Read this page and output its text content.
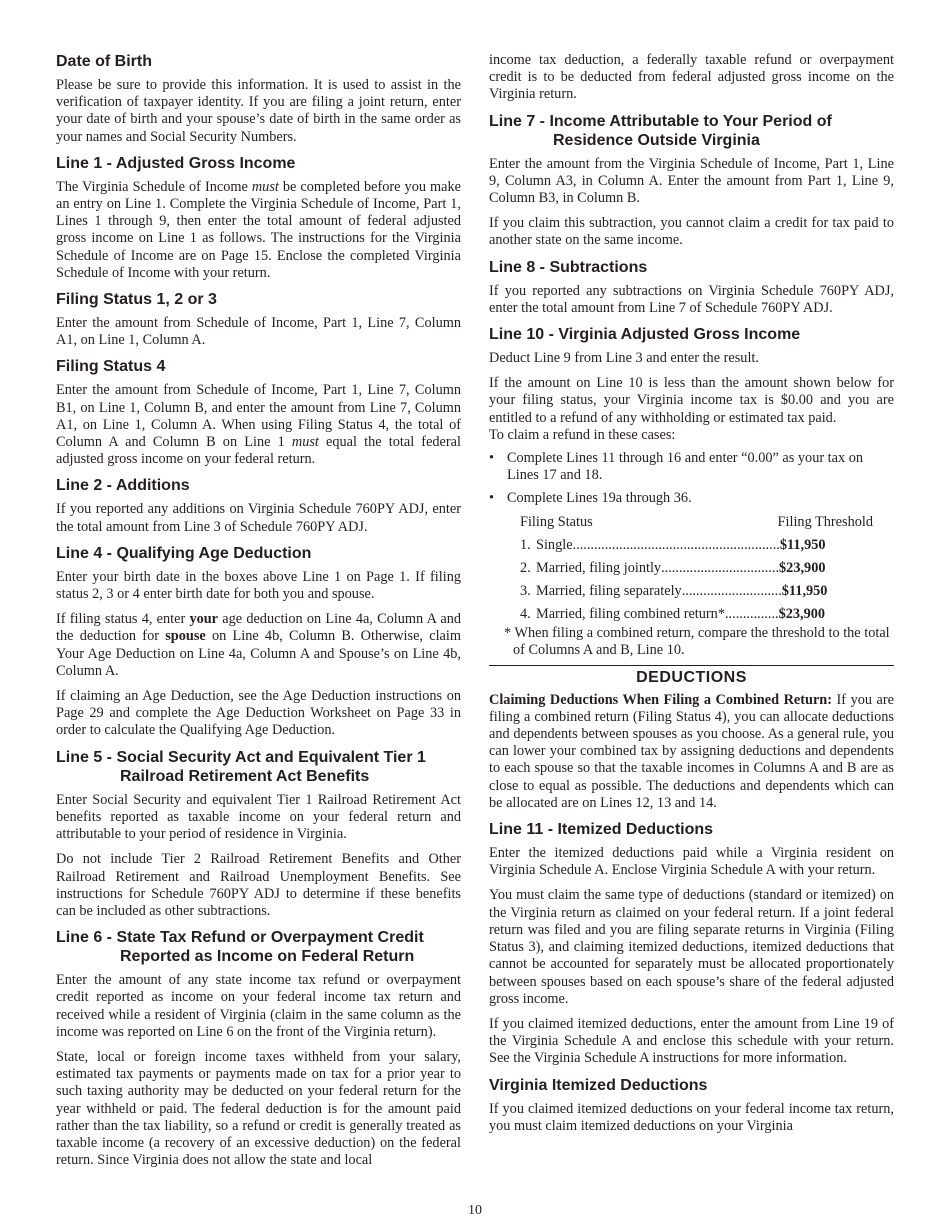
Date of Birth

Please be sure to provide this information. It is used to assist in the verification of taxpayer identity. If you are filing a joint return, enter your date of birth and your spouse’s date of birth in the same order as your names and Social Security Numbers.

Line 1 - Adjusted Gross Income

The Virginia Schedule of Income must be completed before you make an entry on Line 1. Complete the Virginia Schedule of Income, Part 1, Lines 1 through 9, then enter the total amount of federal adjusted gross income on Line 1 as follows. The instructions for the Virginia Schedule of Income are on Page 15. Enclose the completed Virginia Schedule of Income with your return.

Filing Status 1, 2 or 3

Enter the amount from Schedule of Income, Part 1, Line 7, Column A1, on Line 1, Column A.

Filing Status 4

Enter the amount from Schedule of Income, Part 1, Line 7, Column B1, on Line 1, Column B, and enter the amount from Line 7, Column A1, on Line 1, Column A. When using Filing Status 4, the total of Column A and Column B on Line 1 must equal the total federal adjusted gross income on your federal return.

Line 2 - Additions

If you reported any additions on Virginia Schedule 760PY ADJ, enter the total amount from Line 3 of Schedule 760PY ADJ.

Line 4 - Qualifying Age Deduction

Enter your birth date in the boxes above Line 1 on Page 1. If filing status 2, 3 or 4 enter birth date for both you and spouse.

If filing status 4, enter your age deduction on Line 4a, Column A and the deduction for spouse on Line 4b, Column B. Otherwise, claim Your Age Deduction on Line 4a, Column A and Spouse’s on Line 4b, Column A.

If claiming an Age Deduction, see the Age Deduction instructions on Page 29 and complete the Age Deduction Worksheet on Page 33 in order to calculate the Qualifying Age Deduction.

Line 5 - Social Security Act and Equivalent Tier 1
Railroad Retirement Act Benefits

Enter Social Security and equivalent Tier 1 Railroad Retirement Act benefits reported as taxable income on your federal return and attributable to your period of residence in Virginia.

Do not include Tier 2 Railroad Retirement Benefits and Other Railroad Retirement and Railroad Unemployment Benefits. See instructions for Schedule 760PY ADJ to determine if these benefits can be included as other subtractions.

Line 6 - State Tax Refund or Overpayment Credit
Reported as Income on Federal Return

Enter the amount of any state income tax refund or overpayment credit reported as income on your federal income tax return and received while a resident of Virginia (claim in the same column as the income was reported on Line 6 on the front of the Virginia return).

State, local or foreign income taxes withheld from your salary, estimated tax payments or payments made on tax for a prior year to such taxing authority may be deducted on your federal return for the year withheld or paid. The federal deduction is for the amount paid rather than the tax liability, so a refund or credit is generally treated as taxable income (a recovery of an excessive deduction) on the federal return. Since Virginia does not allow the state and local

income tax deduction, a federally taxable refund or overpayment credit is to be deducted from federal adjusted gross income on the Virginia return.

Line 7 - Income Attributable to Your Period of
Residence Outside Virginia

Enter the amount from the Virginia Schedule of Income, Part 1, Line 9, Column A3, in Column A. Enter the amount from Part 1, Line 9, Column B3, in Column B.

If you claim this subtraction, you cannot claim a credit for tax paid to another state on the same income.

Line 8 - Subtractions

If you reported any subtractions on Virginia Schedule 760PY ADJ, enter the total amount from Line 7 of Schedule 760PY ADJ.

Line 10 - Virginia Adjusted Gross Income

Deduct Line 9 from Line 3 and enter the result.

If the amount on Line 10 is less than the amount shown below for your filing status, your Virginia income tax is $0.00 and you are entitled to a refund of any withholding or estimated tax paid.
To claim a refund in these cases:

• Complete Lines 11 through 16 and enter “0.00” as your tax on Lines 17 and 18.
• Complete Lines 19a through 36.
Filing Status	Filing Threshold
1. Single .......................................................... $11,950
2. Married, filing jointly ................................. $23,900
3. Married, filing separately ............................ $11,950
4. Married, filing combined return* ............... $23,900
* When filing a combined return, compare the threshold to the total of Columns A and B, Line 10.
DEDUCTIONS

Claiming Deductions When Filing a Combined Return: If you are filing a combined return (Filing Status 4), you can allocate deductions and dependents between spouses as you choose. As a general rule, you can lower your combined tax by assigning deductions and dependents to each spouse so that the taxable incomes in Columns A and B are as close to equal as possible. The deductions and dependents which can be allocated are on Lines 12, 13 and 14.

Line 11 - Itemized Deductions

Enter the itemized deductions paid while a Virginia resident on Virginia Schedule A. Enclose Virginia Schedule A with your return.

You must claim the same type of deductions (standard or itemized) on the Virginia return as claimed on your federal return. If a joint federal return was filed and you are filing separate returns in Virginia (Filing Status 3), and claiming itemized deductions, itemized deductions that cannot be accounted for separately must be allocated proportionately between spouses based on each spouse’s share of the federal adjusted gross income.

If you claimed itemized deductions, enter the amount from Line 19 of the Virginia Schedule A and enclose this schedule with your return. See the Virginia Schedule A instructions for more information.

Virginia Itemized Deductions

If you claimed itemized deductions on your federal income tax return, you must claim itemized deductions on your Virginia

10
